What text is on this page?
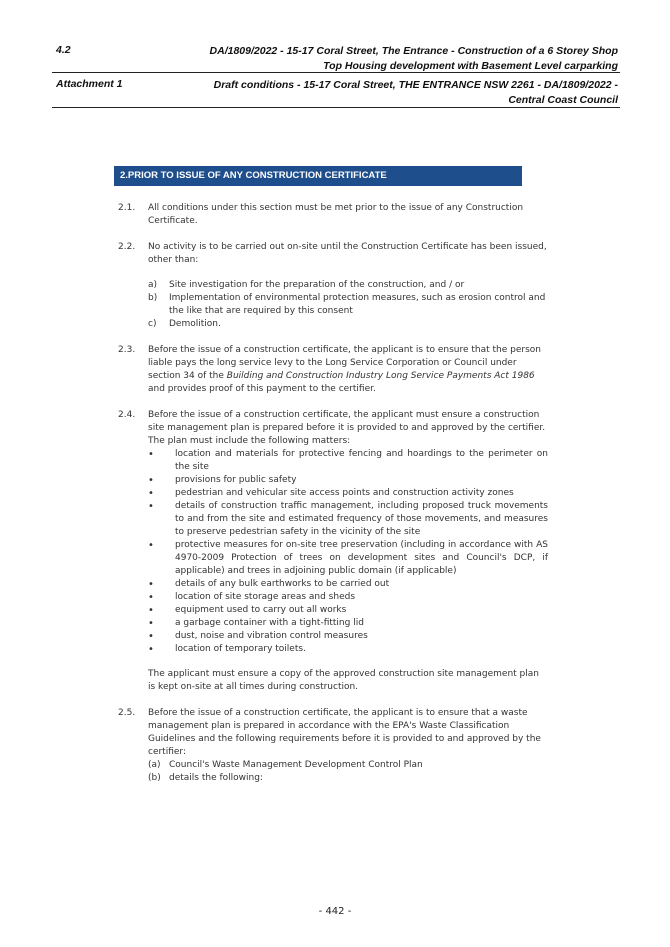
4.2	DA/1809/2022 - 15-17 Coral Street, The Entrance - Construction of a 6 Storey Shop
Top Housing development with Basement Level carparking
Attachment 1	Draft conditions - 15-17 Coral Street, THE ENTRANCE NSW 2261 - DA/1809/2022 -
Central Coast Council
2.PRIOR TO ISSUE OF ANY CONSTRUCTION CERTIFICATE
2.1. All conditions under this section must be met prior to the issue of any Construction Certificate.
2.2. No activity is to be carried out on-site until the Construction Certificate has been issued, other than:
a) Site investigation for the preparation of the construction, and / or
b) Implementation of environmental protection measures, such as erosion control and the like that are required by this consent
c) Demolition.
2.3. Before the issue of a construction certificate, the applicant is to ensure that the person liable pays the long service levy to the Long Service Corporation or Council under section 34 of the Building and Construction Industry Long Service Payments Act 1986 and provides proof of this payment to the certifier.
2.4. Before the issue of a construction certificate, the applicant must ensure a construction site management plan is prepared before it is provided to and approved by the certifier. The plan must include the following matters:
• location and materials for protective fencing and hoardings to the perimeter on the site
• provisions for public safety
• pedestrian and vehicular site access points and construction activity zones
• details of construction traffic management, including proposed truck movements to and from the site and estimated frequency of those movements, and measures to preserve pedestrian safety in the vicinity of the site
• protective measures for on-site tree preservation (including in accordance with AS 4970-2009 Protection of trees on development sites and Council's DCP, if applicable) and trees in adjoining public domain (if applicable)
• details of any bulk earthworks to be carried out
• location of site storage areas and sheds
• equipment used to carry out all works
• a garbage container with a tight-fitting lid
• dust, noise and vibration control measures
• location of temporary toilets.
The applicant must ensure a copy of the approved construction site management plan is kept on-site at all times during construction.
2.5. Before the issue of a construction certificate, the applicant is to ensure that a waste management plan is prepared in accordance with the EPA's Waste Classification Guidelines and the following requirements before it is provided to and approved by the certifier:
(a) Council's Waste Management Development Control Plan
(b) details the following:
- 442 -
